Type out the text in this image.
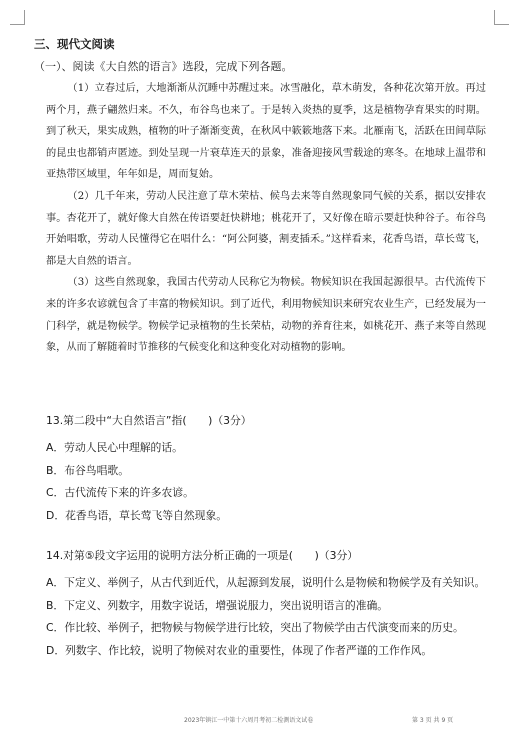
三、现代文阅读
（一）、阅读《大自然的语言》选段，完成下列各题。

（1）立春过后，大地渐渐从沉睡中苏醒过来。冰雪融化，草木萌发，各种花次第开放。再过两个月，燕子翩然归来。不久，布谷鸟也来了。于是转入炎热的夏季，这是植物孕育果实的时期。到了秋天，果实成熟，植物的叶子渐渐变黄，在秋风中簌簌地落下来。北雁南飞，活跃在田间草际的昆虫也都销声匿迹。到处呈现一片衰草连天的景象，准备迎接风雪载途的寒冬。在地球上温带和亚热带区域里，年年如是，周而复始。

（2）几千年来，劳动人民注意了草木荣枯、候鸟去来等自然现象同气候的关系，据以安排农事。杏花开了，就好像大自然在传语要赶快耕地；桃花开了，又好像在暗示要赶快种谷子。布谷鸟开始唱歌，劳动人民懂得它在唱什么：“阿公阿婆，割麦插禾。”这样看来，花香鸟语，草长莺飞，都是大自然的语言。

（3）这些自然现象，我国古代劳动人民称它为物候。物候知识在我国起源很早。古代流传下来的许多农谚就包含了丰富的物候知识。到了近代，利用物候知识来研究农业生产，已经发展为一门科学，就是物候学。物候学记录植物的生长荣枯，动物的养育往来，如桃花开、燕子来等自然现象，从而了解随着时节推移的气候变化和这种变化对动植物的影响。

13.第二段中“大自然语言”指(　　)（3分）
A．劳动人民心中理解的话。
B．布谷鸟唱歌。
C．古代流传下来的许多农谚。
D．花香鸟语，草长莺飞等自然现象。
14.对第⑤段文字运用的说明方法分析正确的一项是(　　)（3分）
A．下定义、举例子，从古代到近代，从起源到发展，说明什么是物候和物候学及有关知识。
B．下定义、列数字，用数字说话，增强说服力，突出说明语言的准确。
C．作比较、举例子，把物候与物候学进行比较，突出了物候学由古代演变而来的历史。
D．列数字、作比较，说明了物候对农业的重要性，体现了作者严谨的工作作风。
2023年镇江一中第十六周月考初二检测语文试卷	第 3 页 共 9 页
